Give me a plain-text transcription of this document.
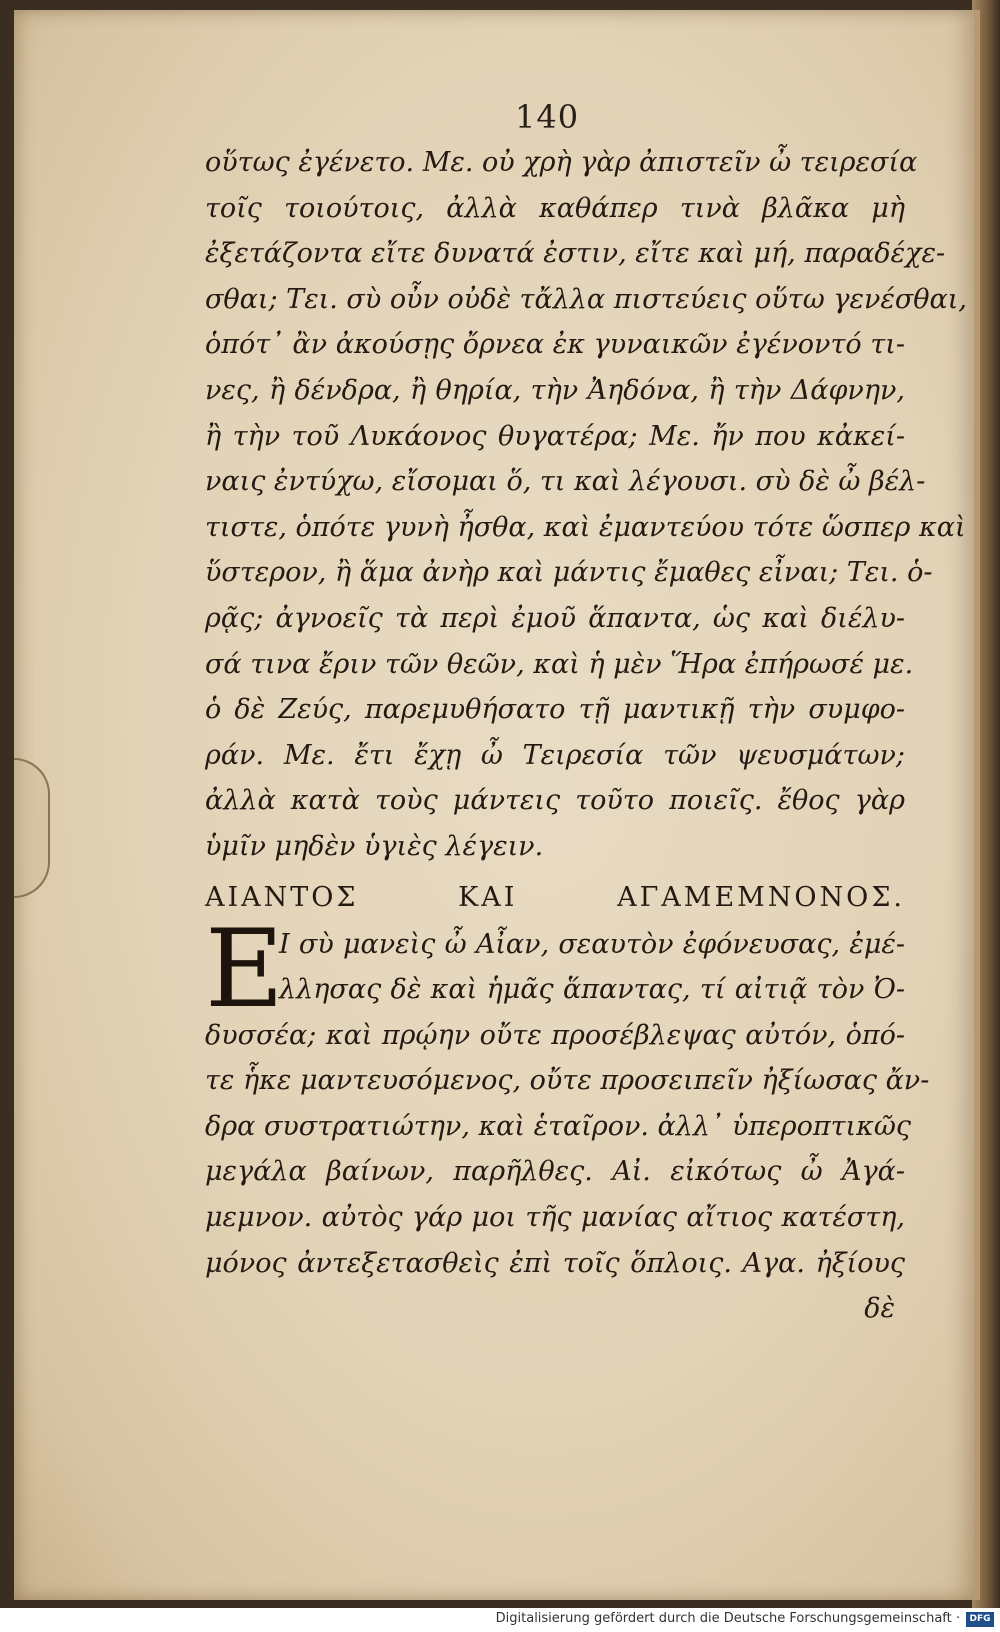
140
οὕτως ἐγένετο. Με. οὐ χρὴ γὰρ ἀπιστεῖν ὦ τειρεσία
τοῖς τοιούτοις, ἀλλὰ καθάπερ τινὰ βλᾶκα μὴ
ἐξετάζοντα εἴτε δυνατά ἐστιν, εἴτε καὶ μή, παραδέχε-
σθαι; Τει. σὺ οὖν οὐδὲ τἄλλα πιστεύεις οὕτω γενέσθαι,
ὁπότ᾽ ἂν ἀκούσῃς ὄρνεα ἐκ γυναικῶν ἐγένοντό τι-
νες, ἢ δένδρα, ἢ θηρία, τὴν Ἀηδόνα, ἢ τὴν Δάφνην,
ἢ τὴν τοῦ Λυκάονος θυγατέρα; Με. ἤν που κἀκεί-
ναις ἐντύχω, εἴσομαι ὅ, τι καὶ λέγουσι. σὺ δὲ ὦ βέλ-
τιστε, ὁπότε γυνὴ ἦσθα, καὶ ἐμαντεύου τότε ὥσπερ καὶ
ὕστερον, ἢ ἅμα ἀνὴρ καὶ μάντις ἔμαθες εἶναι; Τει. ὁ-
ρᾷς; ἀγνοεῖς τὰ περὶ ἐμοῦ ἅπαντα, ὡς καὶ διέλυ-
σά τινα ἔριν τῶν θεῶν, καὶ ἡ μὲν Ἥρα ἐπήρωσέ με.
ὁ δὲ Ζεύς, παρεμυθήσατο τῇ μαντικῇ τὴν συμφο-
ράν. Με. ἔτι ἔχῃ ὦ Τειρεσία τῶν ψευσμάτων;
ἀλλὰ κατὰ τοὺς μάντεις τοῦτο ποιεῖς. ἔθος γὰρ
ὑμῖν μηδὲν ὑγιὲς λέγειν.
ΑΙΑΝΤΟΣ ΚΑΙ ΑΓΑΜΕΜΝΟΝΟΣ.
E
Ι σὺ μανεὶς ὦ Αἶαν, σεαυτὸν ἐφόνευσας, ἐμέ-
λλησας δὲ καὶ ἡμᾶς ἅπαντας, τί αἰτιᾷ τὸν Ὀ-
δυσσέα; καὶ πρῴην οὔτε προσέβλεψας αὐτόν, ὁπό-
τε ἧκε μαντευσόμενος, οὔτε προσειπεῖν ἠξίωσας ἄν-
δρα συστρατιώτην, καὶ ἑταῖρον. ἀλλ᾽ ὑπεροπτικῶς
μεγάλα βαίνων, παρῆλθες. Αἰ. εἰκότως ὦ Ἀγά-
μεμνον. αὐτὸς γάρ μοι τῆς μανίας αἴτιος κατέστη,
μόνος ἀντεξετασθεὶς ἐπὶ τοῖς ὅπλοις. Αγα. ἠξίους
δὲ
Digitalisierung gefördert durch die Deutsche Forschungsgemeinschaft ·	DFG
